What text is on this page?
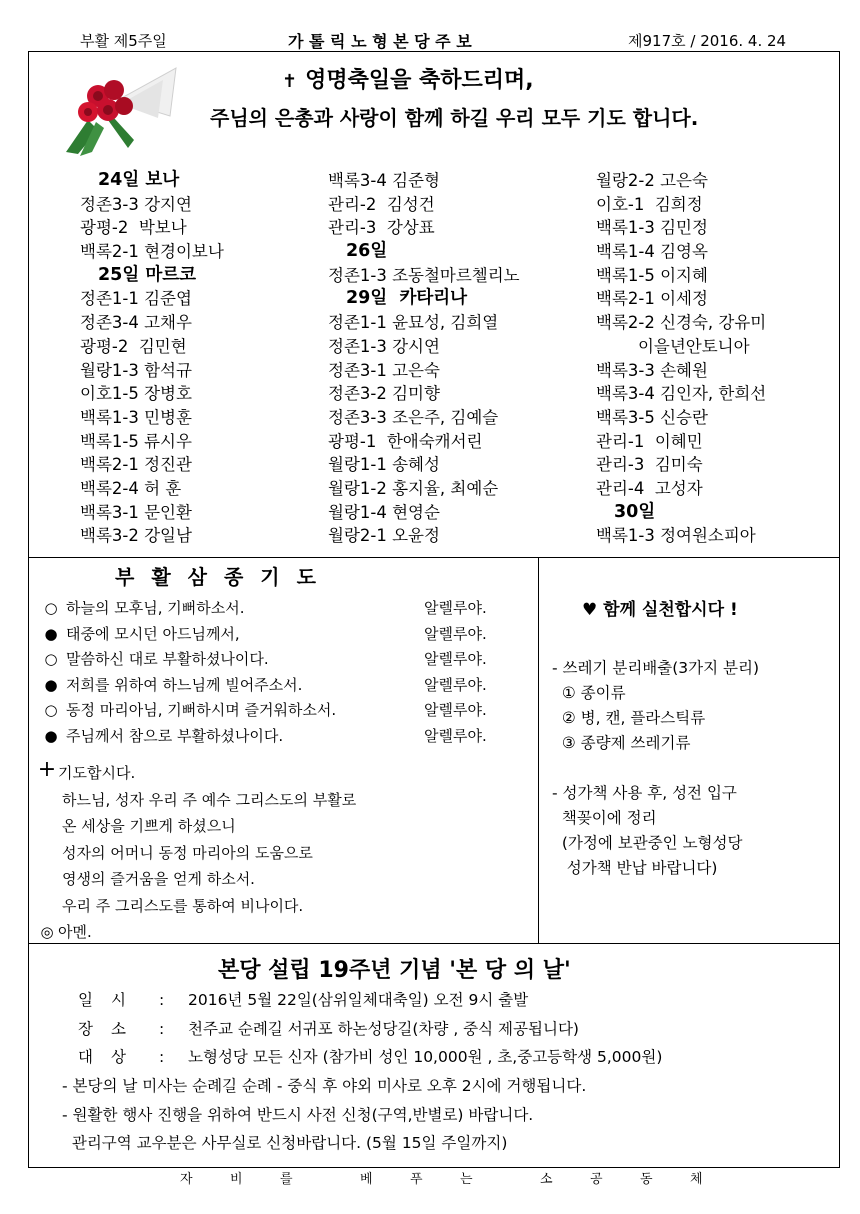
부활 제5주일	가 톨 릭 노 형 본 당 주 보	제917호 / 2016. 4. 24
✝ 영명축일을 축하드리며,
주님의 은총과 사랑이 함께 하길 우리 모두 기도 합니다.
24일 보나
정존3-3 강지연
광평-2  박보나
백록2-1 현경이보나
25일 마르코
정존1-1 김준엽
정존3-4 고채우
광평-2  김민현
월랑1-3 함석규
이호1-5 장병호
백록1-3 민병훈
백록1-5 류시우
백록2-1 정진관
백록2-4 허 훈
백록3-1 문인환
백록3-2 강일남
백록3-4 김준형
관리-2  김성건
관리-3  강상표
26일
정존1-3 조동철마르첼리노
29일  카타리나
정존1-1 윤묘성, 김희열
정존1-3 강시연
정존3-1 고은숙
정존3-2 김미향
정존3-3 조은주, 김예슬
광평-1  한애숙캐서린
월랑1-1 송혜성
월랑1-2 홍지율, 최예순
월랑1-4 현영순
월랑2-1 오윤정
월랑2-2 고은숙
이호-1  김희정
백록1-3 김민정
백록1-4 김영옥
백록1-5 이지혜
백록2-1 이세정
백록2-2 신경숙, 강유미
이을년안토니아
백록3-3 손혜원
백록3-4 김인자, 한희선
백록3-5 신승란
관리-1  이혜민
관리-3  김미숙
관리-4  고성자
30일
백록1-3 정여원소피아
부활삼종기도
○ 하늘의 모후님, 기뻐하소서.	알렐루야.
● 태중에 모시던 아드님께서,	알렐루야.
○ 말씀하신 대로 부활하셨나이다.	알렐루야.
● 저희를 위하여 하느님께 빌어주소서.	알렐루야.
○ 동정 마리아님, 기뻐하시며 즐거워하소서.	알렐루야.
● 주님께서 참으로 부활하셨나이다.	알렐루야.
+ 기도합시다.
하느님, 성자 우리 주 예수 그리스도의 부활로
온 세상을 기쁘게 하셨으니
성자의 어머니 동정 마리아의 도움으로
영생의 즐거움을 얻게 하소서.
우리 주 그리스도를 통하여 비나이다.
◎ 아멘.
♥ 함께 실천합시다 !
- 쓰레기 분리배출(3가지 분리)
① 종이류
② 병, 캔, 플라스틱류
③ 종량제 쓰레기류
- 성가책 사용 후, 성전 입구
책꽂이에 정리
(가정에 보관중인 노형성당
성가책 반납 바랍니다)
본당 설립 19주년 기념 '본 당 의 날'
일시 : 2016년 5월 22일(삼위일체대축일) 오전 9시 출발
장소 : 천주교 순례길 서귀포 하논성당길(차량 , 중식 제공됩니다)
대상 : 노형성당 모든 신자 (참가비 성인 10,000원 , 초,중고등학생 5,000원)
- 본당의 날 미사는 순례길 순례 - 중식 후 야외 미사로 오후 2시에 거행됩니다.
- 원활한 행사 진행을 위하여 반드시 사전 신청(구역,반별로) 바랍니다.
관리구역 교우분은 사무실로 신청바랍니다. (5월 15일 주일까지)
자	비	를	베	푸	는	소	공	동	체
